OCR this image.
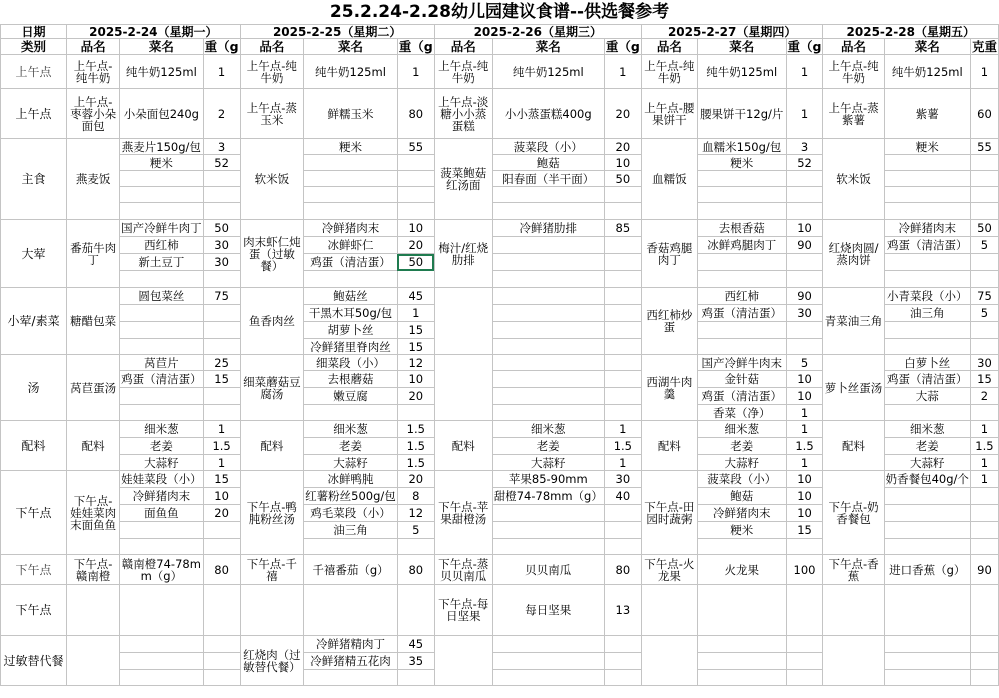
25.2.24-2.28幼儿园建议食谱--供选餐参考
日期	2025-2-24（星期一）			2025-2-25（星期二）			2025-2-26（星期三）			2025-2-27（星期四）			2025-2-28（星期五）		
类别	品名	菜名	重（g	品名	菜名	重（g	品名	菜名	重（g	品名	菜名	重（g	品名	菜名	克重
上午点	上午点-纯牛奶	纯牛奶125ml	1	上午点-纯牛奶	纯牛奶125ml	1	上午点-纯牛奶	纯牛奶125ml	1	上午点-纯牛奶	纯牛奶125ml	1	上午点-纯牛奶	纯牛奶125ml	1
上午点	上午点-枣蓉小朵面包	小朵面包240g	2	上午点-蒸玉米	鲜糯玉米	80	上午点-淡糖小小蒸蛋糕	小小蒸蛋糕400g	20	上午点-腰果饼干	腰果饼干12g/片	1	上午点-蒸紫薯	紫薯	60
主食	燕麦饭	燕麦片150g/包	3	软米饭	粳米	55	菠菜鲍菇红汤面	菠菜段（小）	20	血糯饭	血糯米150g/包	3	软米饭	粳米	55
		粳米	52					鲍菇	10		粳米	52			
								阳春面（半干面）	50						

大荤	番茄牛肉丁	国产冷鲜牛肉丁	50	肉末虾仁炖蛋（过敏餐）	冷鲜猪肉末	10	梅汁/红烧肋排	冷鲜猪肋排	85	香菇鸡腿肉丁	去根香菇	10	红烧肉圆/蒸肉饼	冷鲜猪肉末	50
		西红柿	30		冰鲜虾仁	20					冰鲜鸡腿肉丁	90		鸡蛋（清洁蛋）	5
		新土豆丁	30		鸡蛋（清洁蛋）	50									

小荤/素菜	糖醋包菜	圆包菜丝	75	鱼香肉丝	鲍菇丝	45				西红柿炒蛋	西红柿	90	青菜油三角	小青菜段（小）	75
					干黑木耳50g/包	1					鸡蛋（清洁蛋）	30		油三角	5
					胡萝卜丝	15									
					冷鲜猪里脊肉丝	15									
汤	莴苣蛋汤	莴苣片	25	细菜蘑菇豆腐汤	细菜段（小）	12				西湖牛肉羹	国产冷鲜牛肉末	5	萝卜丝蛋汤	白萝卜丝	30
		鸡蛋（清洁蛋）	15		去根蘑菇	10					金针菇	10		鸡蛋（清洁蛋）	15
					嫩豆腐	20					鸡蛋（清洁蛋）	10		大蒜	2
											香菜（净）	1			
配料	配料	细米葱	1	配料	细米葱	1.5	配料	细米葱	1	配料	细米葱	1	配料	细米葱	1
		老姜	1.5		老姜	1.5		老姜	1.5		老姜	1.5		老姜	1.5
		大蒜籽	1		大蒜籽	1.5		大蒜籽	1		大蒜籽	1		大蒜籽	1
下午点	下午点-娃娃菜肉末面鱼鱼	娃娃菜段（小）	15	下午点-鸭肫粉丝汤	冰鲜鸭肫	20	下午点-苹果甜橙汤	苹果85-90mm	30	下午点-田园时蔬粥	菠菜段（小）	10	下午点-奶香餐包	奶香餐包40g/个	1
		冷鲜猪肉末	10		红薯粉丝500g/包	8		甜橙74-78mm（g）	40		鲍菇	10			
		面鱼鱼	20		鸡毛菜段（小）	12					冷鲜猪肉末	10			
					油三角	5					粳米	15			

下午点	下午点-赣南橙	赣南橙74-78mm（g）	80	下午点-千禧	千禧番茄（g）	80	下午点-蒸贝贝南瓜	贝贝南瓜	80	下午点-火龙果	火龙果	100	下午点-香蕉	进口香蕉（g）	90
下午点							下午点-每日坚果	每日坚果	13						
过敏替代餐				红烧肉（过敏替代餐）	冷鲜猪精肉丁	45									
					冷鲜猪精五花肉	35									
